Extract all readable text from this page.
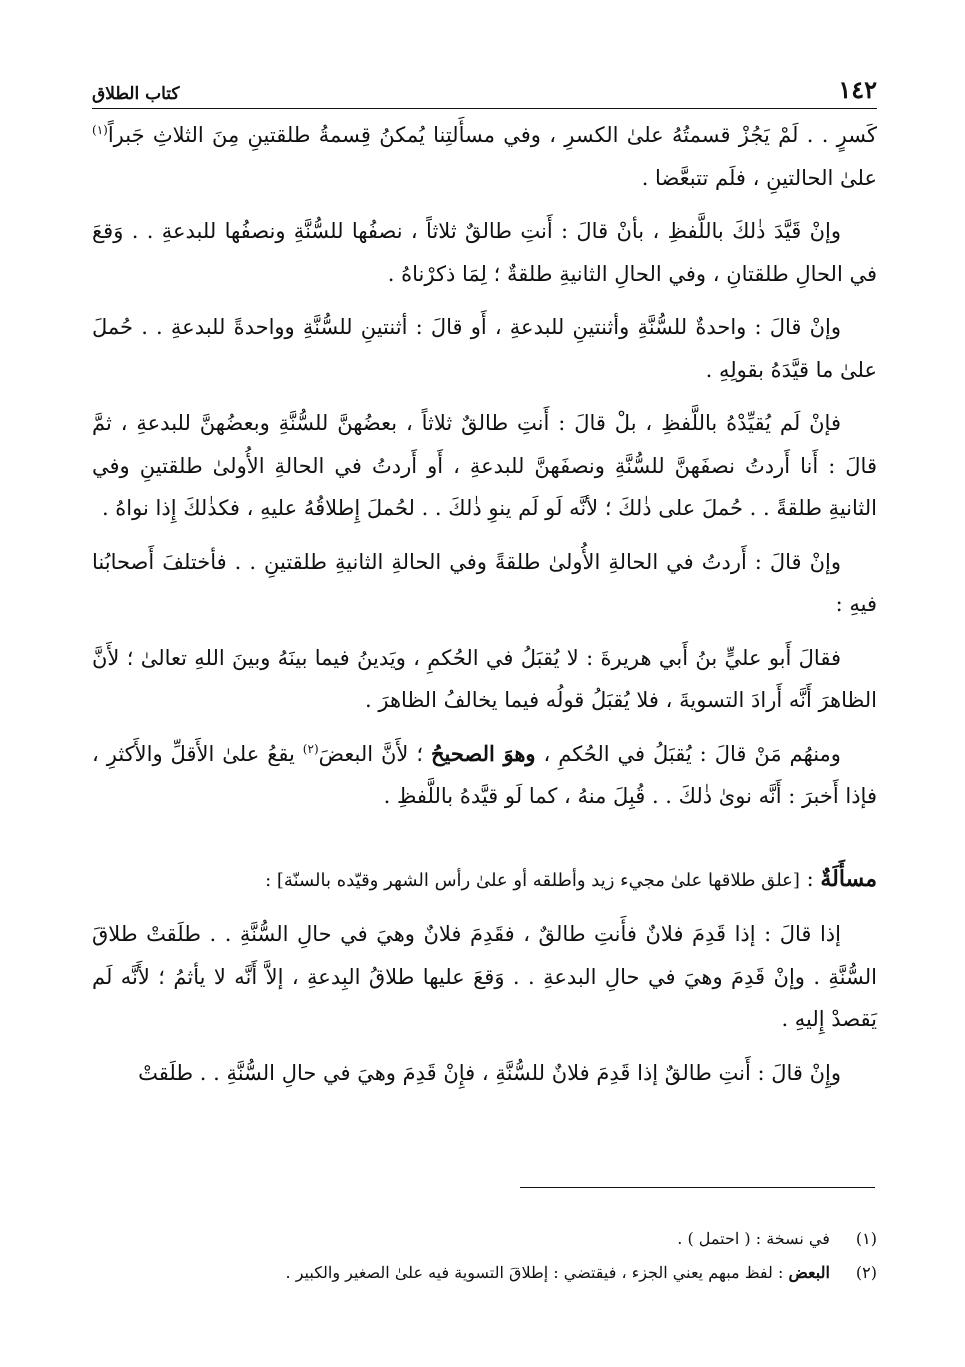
١٤٢
كتاب الطلاق

كَسرٍ . . لَمْ يَجُزْ قسمتُهُ علىٰ الكسرِ ، وفي مسأَلتِنا يُمكنُ قِسمةُ طلقتينِ مِنَ الثلاثِ جَبراً$^{(١)}$ علىٰ الحالتينِ ، فلَم تتبعَّضا .

وإنْ قَيَّدَ ذٰلكَ باللَّفظِ ، بأنْ قالَ : أَنتِ طالقٌ ثلاثاً ، نصفُها للسُّنَّةِ ونصفُها للبدعةِ . . وَقعَ في الحالِ طلقتانِ ، وفي الحالِ الثانيةِ طلقةٌ ؛ لِمَا ذكرْناهُ .

وإنْ قالَ : واحدةٌ للسُّنَّةِ وأثنتينِ للبدعةِ ، أَو قالَ : أثنتينِ للسُّنَّةِ وواحدةً للبدعةِ . . حُملَ علىٰ ما قيَّدَهُ بقولِهِ .

فإنْ لَم يُقيِّدْهُ باللَّفظِ ، بلْ قالَ : أَنتِ طالقٌ ثلاثاً ، بعضُهنَّ للسُّنَّةِ وبعضُهنَّ للبدعةِ ، ثمَّ قالَ : أَنا أَردتُ نصفَهنَّ للسُّنَّةِ ونصفَهنَّ للبدعةِ ، أَو أَردتُ في الحالةِ الأُولىٰ طلقتينِ وفي الثانيةِ طلقةً . . حُملَ على ذٰلكَ ؛ لأنَّه لَو لَم ينوِ ذٰلكَ . . لحُملَ إِطلاقُهُ عليهِ ، فكذٰلكَ إِذا نواهُ .

وإنْ قالَ : أَردتُ في الحالةِ الأُولىٰ طلقةً وفي الحالةِ الثانيةِ طلقتينِ . . فأختلفَ أَصحابُنا فيهِ :

فقالَ أَبو عليٍّ بنُ أَبي هريرةَ : لا يُقبَلُ في الحُكمِ ، ويَدينُ فيما بينَهُ وبينَ اللهِ تعالىٰ ؛ لأَنَّ الظاهرَ أَنَّه أَرادَ التسويةَ ، فلا يُقبَلُ قولُه فيما يخالفُ الظاهرَ .

ومنهُم مَنْ قالَ : يُقبَلُ في الحُكمِ ، وهوَ الصحيحُ ؛ لأَنَّ البعضَ$^{(٢)}$ يقعُ علىٰ الأَقلِّ والأَكثرِ ، فإذا أَخبرَ : أَنَّه نوىٰ ذٰلكَ . . قُبِلَ منهُ ، كما لَو قيَّدهُ باللَّفظِ .

مسأَلَةٌ : [علق طلاقها علىٰ مجيء زيد وأطلقه أو علىٰ رأس الشهر وقيّده بالسنّة] :

إذا قالَ : إذا قَدِمَ فلانٌ فأَنتِ طالقٌ ، فقَدِمَ فلانٌ وهيَ في حالِ السُّنَّةِ . . طلَقتْ طلاقَ السُّنَّةِ . وإنْ قَدِمَ وهيَ في حالِ البدعةِ . . وَقعَ عليها طلاقُ البِدعةِ ، إلاَّ أَنَّه لا يأثمُ ؛ لأَنَّه لَم يَقصدْ إِليهِ .

وإِنْ قالَ : أَنتِ طالقٌ إذا قَدِمَ فلانٌ للسُّنَّةِ ، فإِنْ قَدِمَ وهيَ في حالِ السُّنَّةِ . . طلَقتْ

(١) في نسخة : ( احتمل ) .

(٢) البعض : لفظ مبهم يعني الجزء ، فيقتضي : إطلاقَ التسوية فيه علىٰ الصغير والكبير .
